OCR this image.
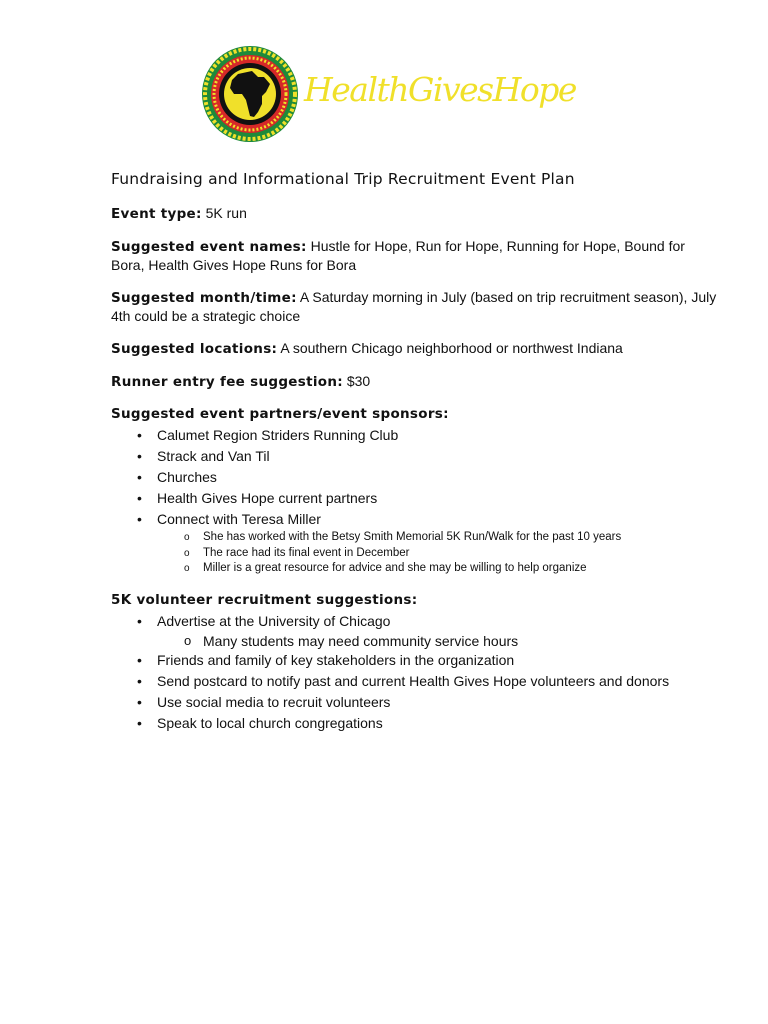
HealthGivesHope
Fundraising and Informational Trip Recruitment Event Plan
Event type: 5K run
Suggested event names: Hustle for Hope, Run for Hope, Running for Hope, Bound for Bora, Health Gives Hope Runs for Bora
Suggested month/time: A Saturday morning in July (based on trip recruitment season), July 4th could be a strategic choice
Suggested locations: A southern Chicago neighborhood or northwest Indiana
Runner entry fee suggestion: $30
Suggested event partners/event sponsors:
• Calumet Region Striders Running Club
• Strack and Van Til
• Churches
• Health Gives Hope current partners
• Connect with Teresa Miller
o She has worked with the Betsy Smith Memorial 5K Run/Walk for the past 10 years
o The race had its final event in December
o Miller is a great resource for advice and she may be willing to help organize
5K volunteer recruitment suggestions:
• Advertise at the University of Chicago
o Many students may need community service hours
• Friends and family of key stakeholders in the organization
• Send postcard to notify past and current Health Gives Hope volunteers and donors
• Use social media to recruit volunteers
• Speak to local church congregations
